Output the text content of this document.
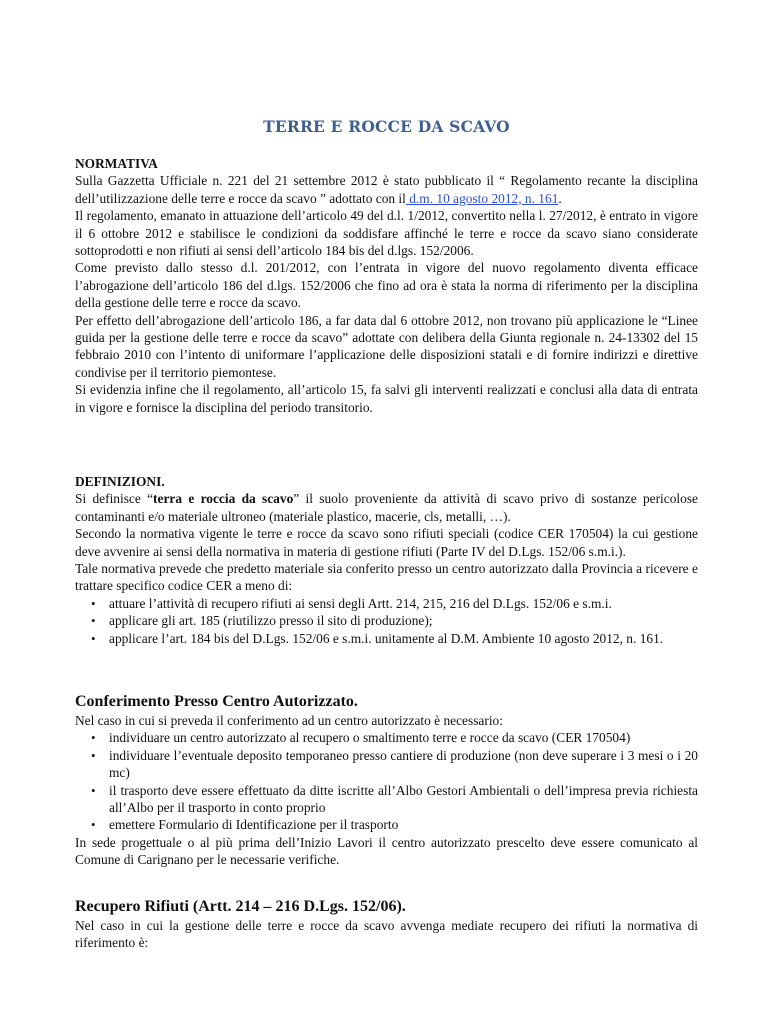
TERRE E ROCCE DA SCAVO

NORMATIVA

Sulla Gazzetta Ufficiale n. 221 del 21 settembre 2012 è stato pubblicato il “ Regolamento recante la disciplina dell’utilizzazione delle terre e rocce da scavo ” adottato con il d.m. 10 agosto 2012, n. 161.

Il regolamento, emanato in attuazione dell’articolo 49 del d.l. 1/2012, convertito nella l. 27/2012, è entrato in vigore il 6 ottobre 2012 e stabilisce le condizioni da soddisfare affinché le terre e rocce da scavo siano considerate sottoprodotti e non rifiuti ai sensi dell’articolo 184 bis del d.lgs. 152/2006.

Come previsto dallo stesso d.l. 201/2012, con l’entrata in vigore del nuovo regolamento diventa efficace l’abrogazione dell’articolo 186 del d.lgs. 152/2006 che fino ad ora è stata la norma di riferimento per la disciplina della gestione delle terre e rocce da scavo.

Per effetto dell’abrogazione dell’articolo 186, a far data dal 6 ottobre 2012, non trovano più applicazione le “Linee guida per la gestione delle terre e rocce da scavo” adottate con delibera della Giunta regionale n. 24-13302 del 15 febbraio 2010 con l’intento di uniformare l’applicazione delle disposizioni statali e di fornire indirizzi e direttive condivise per il territorio piemontese.

Si evidenzia infine che il regolamento, all’articolo 15, fa salvi gli interventi realizzati e conclusi alla data di entrata in vigore e fornisce la disciplina del periodo transitorio.

DEFINIZIONI.

Si definisce “terra e roccia da scavo” il suolo proveniente da attività di scavo privo di sostanze pericolose contaminanti e/o materiale ultroneo (materiale plastico, macerie, cls, metalli, …).

Secondo la normativa vigente le terre e rocce da scavo sono rifiuti speciali (codice CER 170504) la cui gestione deve avvenire ai sensi della normativa in materia di gestione rifiuti (Parte IV del D.Lgs. 152/06 s.m.i.).

Tale normativa prevede che predetto materiale sia conferito presso un centro autorizzato dalla Provincia a ricevere e trattare specifico codice CER a meno di:

• attuare l’attività di recupero rifiuti ai sensi degli Artt. 214, 215, 216 del D.Lgs. 152/06 e s.m.i.
• applicare gli art. 185 (riutilizzo presso il sito di produzione);
• applicare l’art. 184 bis del D.Lgs. 152/06 e s.m.i. unitamente al D.M. Ambiente 10 agosto 2012, n. 161.

Conferimento Presso Centro Autorizzato.

Nel caso in cui si preveda il conferimento ad un centro autorizzato è necessario:

• individuare un centro autorizzato al recupero o smaltimento terre e rocce da scavo (CER 170504)
• individuare l’eventuale deposito temporaneo presso cantiere di produzione (non deve superare i 3 mesi o i 20 mc)
• il trasporto deve essere effettuato da ditte iscritte all’Albo Gestori Ambientali o dell’impresa previa richiesta all’Albo per il trasporto in conto proprio
• emettere Formulario di Identificazione per il trasporto

In sede progettuale o al più prima dell’Inizio Lavori il centro autorizzato prescelto deve essere comunicato al Comune di Carignano per le necessarie verifiche.

Recupero Rifiuti (Artt. 214 – 216 D.Lgs. 152/06).

Nel caso in cui la gestione delle terre e rocce da scavo avvenga mediate recupero dei rifiuti la normativa di riferimento è:
